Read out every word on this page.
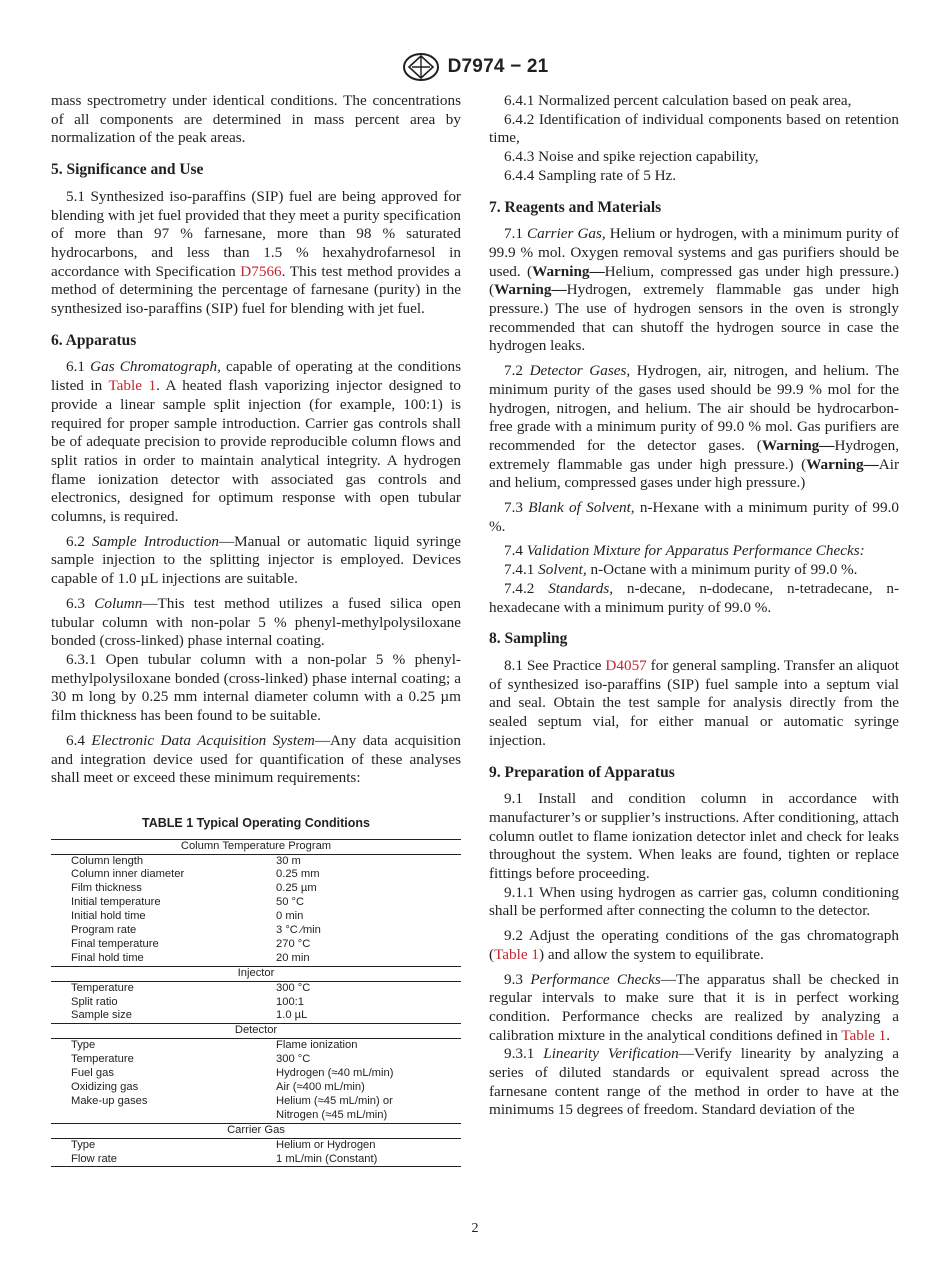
D7974 − 21

mass spectrometry under identical conditions. The concentrations of all components are determined in mass percent area by normalization of the peak areas.

5. Significance and Use

5.1 Synthesized iso-paraffins (SIP) fuel are being approved for blending with jet fuel provided that they meet a purity specification of more than 97 % farnesane, more than 98 % saturated hydrocarbons, and less than 1.5 % hexahydrofarnesol in accordance with Specification D7566. This test method provides a method of determining the percentage of farnesane (purity) in the synthesized iso-paraffins (SIP) fuel for blending with jet fuel.

6. Apparatus

6.1 Gas Chromatograph, capable of operating at the conditions listed in Table 1. A heated flash vaporizing injector designed to provide a linear sample split injection (for example, 100:1) is required for proper sample introduction. Carrier gas controls shall be of adequate precision to provide reproducible column flows and split ratios in order to maintain analytical integrity. A hydrogen flame ionization detector with associated gas controls and electronics, designed for optimum response with open tubular columns, is required.

6.2 Sample Introduction—Manual or automatic liquid syringe sample injection to the splitting injector is employed. Devices capable of 1.0 µL injections are suitable.

6.3 Column—This test method utilizes a fused silica open tubular column with non-polar 5 % phenyl-methylpolysiloxane bonded (cross-linked) phase internal coating.

6.3.1 Open tubular column with a non-polar 5 % phenyl-methylpolysiloxane bonded (cross-linked) phase internal coating; a 30 m long by 0.25 mm internal diameter column with a 0.25 µm film thickness has been found to be suitable.

6.4 Electronic Data Acquisition System—Any data acquisition and integration device used for quantification of these analyses shall meet or exceed these minimum requirements:

TABLE 1 Typical Operating Conditions
Column Temperature Program	
Column length	30 m
Column inner diameter	0.25 mm
Film thickness	0.25 µm
Initial temperature	50 °C
Initial hold time	0 min
Program rate	3 °C ⁄min
Final temperature	270 °C
Final hold time	20 min
Injector	
Temperature	300 °C
Split ratio	100:1
Sample size	1.0 µL
Detector	
Type	Flame ionization
Temperature	300 °C
Fuel gas	Hydrogen (≈40 mL/min)
Oxidizing gas	Air (≈400 mL/min)
Make-up gases	Helium (≈45 mL/min) or
	Nitrogen (≈45 mL/min)
Carrier Gas	
Type	Helium or Hydrogen
Flow rate	1 mL/min (Constant)

6.4.1 Normalized percent calculation based on peak area,

6.4.2 Identification of individual components based on retention time,

6.4.3 Noise and spike rejection capability,

6.4.4 Sampling rate of 5 Hz.

7. Reagents and Materials

7.1 Carrier Gas, Helium or hydrogen, with a minimum purity of 99.9 % mol. Oxygen removal systems and gas purifiers should be used. (Warning—Helium, compressed gas under high pressure.) (Warning—Hydrogen, extremely flammable gas under high pressure.) The use of hydrogen sensors in the oven is strongly recommended that can shutoff the hydrogen source in case the hydrogen leaks.

7.2 Detector Gases, Hydrogen, air, nitrogen, and helium. The minimum purity of the gases used should be 99.9 % mol for the hydrogen, nitrogen, and helium. The air should be hydrocarbon-free grade with a minimum purity of 99.0 % mol. Gas purifiers are recommended for the detector gases. (Warning—Hydrogen, extremely flammable gas under high pressure.) (Warning—Air and helium, compressed gases under high pressure.)

7.3 Blank of Solvent, n-Hexane with a minimum purity of 99.0 %.

7.4 Validation Mixture for Apparatus Performance Checks:

7.4.1 Solvent, n-Octane with a minimum purity of 99.0 %.

7.4.2 Standards, n-decane, n-dodecane, n-tetradecane, n-hexadecane with a minimum purity of 99.0 %.

8. Sampling

8.1 See Practice D4057 for general sampling. Transfer an aliquot of synthesized iso-paraffins (SIP) fuel sample into a septum vial and seal. Obtain the test sample for analysis directly from the sealed septum vial, for either manual or automatic syringe injection.

9. Preparation of Apparatus

9.1 Install and condition column in accordance with manufacturer’s or supplier’s instructions. After conditioning, attach column outlet to flame ionization detector inlet and check for leaks throughout the system. When leaks are found, tighten or replace fittings before proceeding.

9.1.1 When using hydrogen as carrier gas, column conditioning shall be performed after connecting the column to the detector.

9.2 Adjust the operating conditions of the gas chromatograph (Table 1) and allow the system to equilibrate.

9.3 Performance Checks—The apparatus shall be checked in regular intervals to make sure that it is in perfect working condition. Performance checks are realized by analyzing a calibration mixture in the analytical conditions defined in Table 1.

9.3.1 Linearity Verification—Verify linearity by analyzing a series of diluted standards or equivalent spread across the farnesane content range of the method in order to have at the minimums 15 degrees of freedom. Standard deviation of the

2
